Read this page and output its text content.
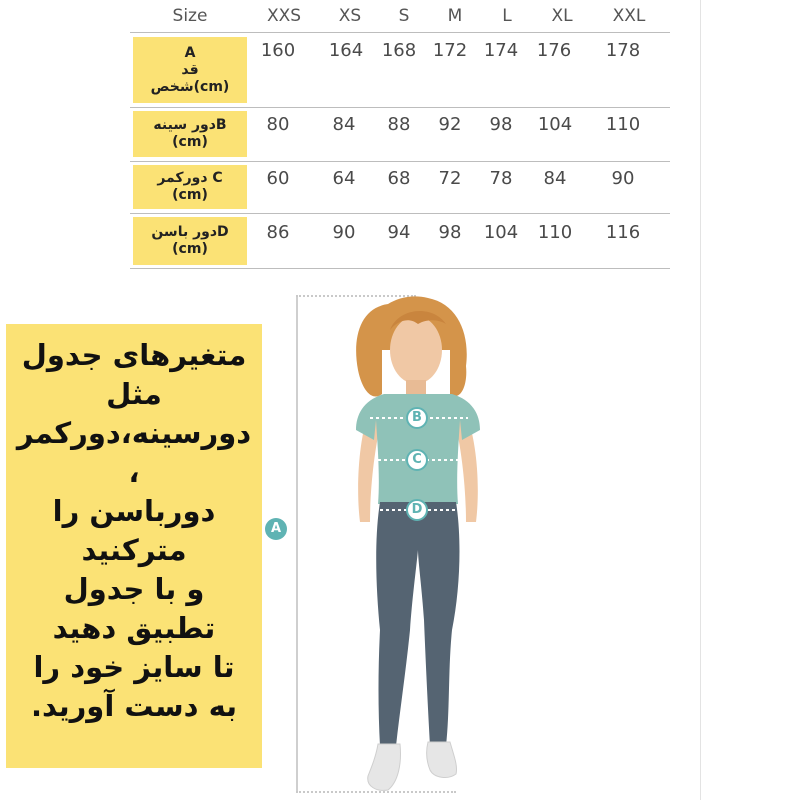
Size	XXS	XS	S	M	L	XL	XXL
A
قد
شخص(cm)
160	164	168 172 174	176	178
دور سینهB
(cm)
80	84	88	92	98	104	110
دورکمر C
(cm)
60	64	68	72	78	84	90
دور باسنD
(cm)
86	90	94	98	104	110	116
A
B
C
D
متغیرهای جدول
مثل
دورسینه،دورکمر
،
دورباسن را
مترکنید
و با جدول
تطبیق دهید
تا سایز خود را
به دست آورید.
